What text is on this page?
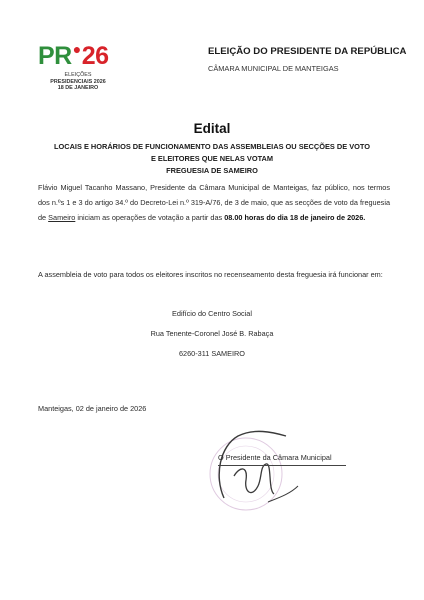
PR●26
ELEIÇÕES
PRESIDENCIAIS 2026
18 DE JANEIRO
ELEIÇÃO DO PRESIDENTE DA REPÚBLICA
CÂMARA MUNICIPAL DE MANTEIGAS
Edital
LOCAIS E HORÁRIOS DE FUNCIONAMENTO DAS ASSEMBLEIAS OU SECÇÕES DE VOTO
E ELEITORES QUE NELAS VOTAM
FREGUESIA DE SAMEIRO
Flávio Miguel Tacanho Massano, Presidente da Câmara Municipal de Manteigas, faz público, nos termos dos n.ºs 1 e 3 do artigo 34.º do Decreto-Lei n.º 319-A/76, de 3 de maio, que as secções de voto da freguesia de Sameiro iniciam as operações de votação a partir das 08.00 horas do dia 18 de janeiro de 2026.
A assembleia de voto para todos os eleitores inscritos no recenseamento desta freguesia irá funcionar em:
Edifício do Centro Social
Rua Tenente-Coronel José B. Rabaça
6260-311 SAMEIRO
Manteigas, 02 de janeiro de 2026
O Presidente da Câmara Municipal
